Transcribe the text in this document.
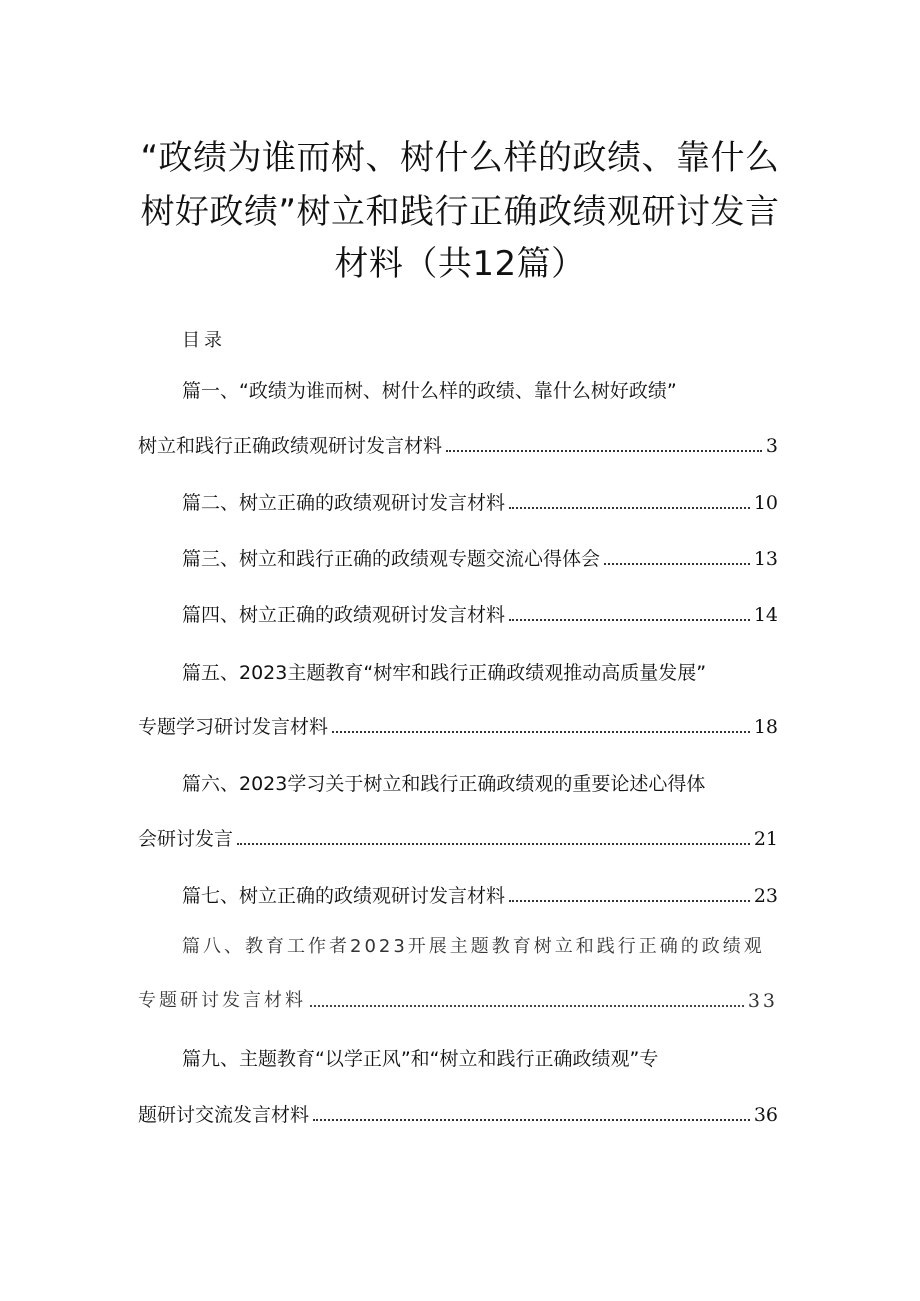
“政绩为谁而树、树什么样的政绩、靠什么
树好政绩”树立和践行正确政绩观研讨发言
材料（共12篇）
目录
篇一、“政绩为谁而树、树什么样的政绩、靠什么树好政绩”
树立和践行正确政绩观研讨发言材料	3
篇二、树立正确的政绩观研讨发言材料	10
篇三、树立和践行正确的政绩观专题交流心得体会	13
篇四、树立正确的政绩观研讨发言材料	14
篇五、2023主题教育“树牢和践行正确政绩观推动高质量发展”
专题学习研讨发言材料	18
篇六、2023学习关于树立和践行正确政绩观的重要论述心得体
会研讨发言	21
篇七、树立正确的政绩观研讨发言材料	23
篇八、教育工作者2023开展主题教育树立和践行正确的政绩观
专题研讨发言材料	33
篇九、主题教育“以学正风”和“树立和践行正确政绩观”专
题研讨交流发言材料	36
